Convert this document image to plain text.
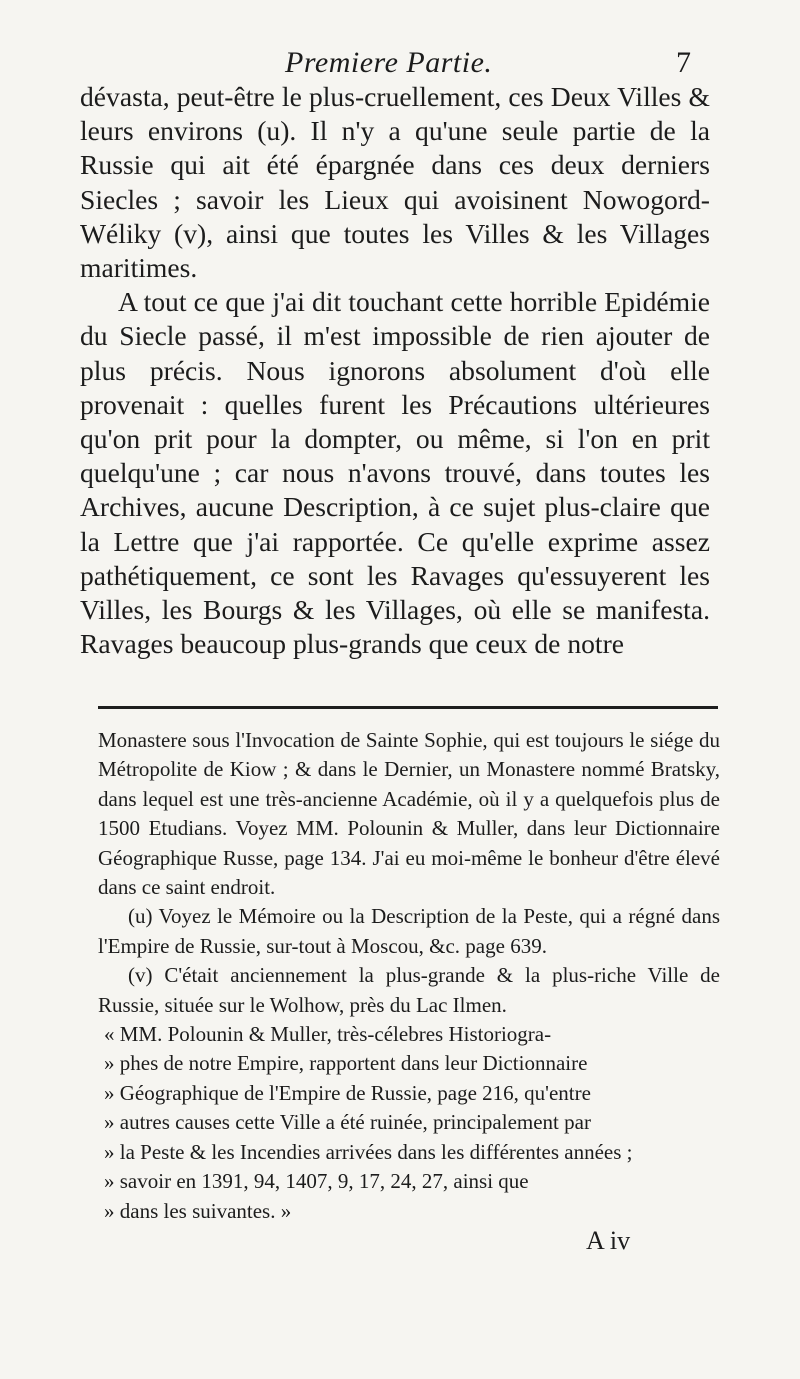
Premiere Partie.	7

dévasta, peut-être le plus-cruellement, ces Deux Villes & leurs environs (u). Il n'y a qu'une seule partie de la Russie qui ait été épargnée dans ces deux derniers Siecles ; savoir les Lieux qui avoisinent Nowogord-Wéliky (v), ainsi que toutes les Villes & les Villages maritimes.

A tout ce que j'ai dit touchant cette horrible Epidémie du Siecle passé, il m'est impossible de rien ajouter de plus précis. Nous ignorons absolument d'où elle provenait : quelles furent les Précautions ultérieures qu'on prit pour la dompter, ou même, si l'on en prit quelqu'une ; car nous n'avons trouvé, dans toutes les Archives, aucune Description, à ce sujet plus-claire que la Lettre que j'ai rapportée. Ce qu'elle exprime assez pathétiquement, ce sont les Ravages qu'essuyerent les Villes, les Bourgs & les Villages, où elle se manifesta. Ravages beaucoup plus-grands que ceux de notre

Monastere sous l'Invocation de Sainte Sophie, qui est toujours le siége du Métropolite de Kiow ; & dans le Dernier, un Monastere nommé Bratsky, dans lequel est une très-ancienne Académie, où il y a quelquefois plus de 1500 Etudians. Voyez MM. Polounin & Muller, dans leur Dictionnaire Géographique Russe, page 134. J'ai eu moi-même le bonheur d'être élevé dans ce saint endroit.

(u) Voyez le Mémoire ou la Description de la Peste, qui a régné dans l'Empire de Russie, sur-tout à Moscou, &c. page 639.

(v) C'était anciennement la plus-grande & la plus-riche Ville de Russie, située sur le Wolhow, près du Lac Ilmen.

« MM. Polounin & Muller, très-célebres Historiogra-
» phes de notre Empire, rapportent dans leur Dictionnaire
» Géographique de l'Empire de Russie, page 216, qu'entre
» autres causes cette Ville a été ruinée, principalement par
» la Peste & les Incendies arrivées dans les différentes années ;
» savoir en 1391, 94, 1407, 9, 17, 24, 27, ainsi que
» dans les suivantes. »

A iv
